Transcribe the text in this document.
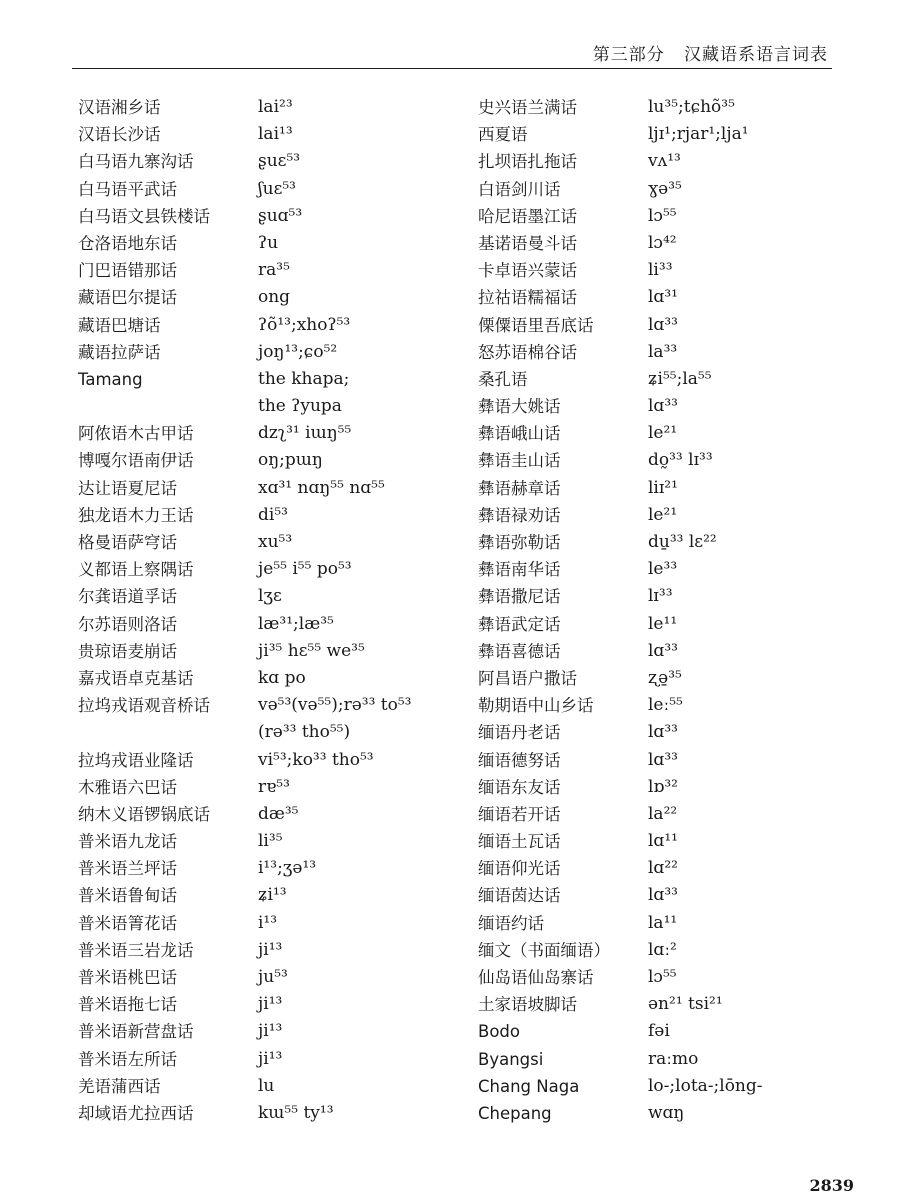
第三部分 汉藏语系语言词表
汉语湘乡话	lai²³
汉语长沙话	lai¹³
白马语九寨沟话	ʂuɛ⁵³
白马语平武话	ʃuɛ⁵³
白马语文县铁楼话	ʂuɑ⁵³
仓洛语地东话	ʔu
门巴语错那话	ra³⁵
藏语巴尔提话	ong
藏语巴塘话	ʔõ¹³;xhoʔ⁵³
藏语拉萨话	joŋ¹³;ɕo⁵²
Tamang	the khapa;
the ʔyupa
阿侬语木古甲话	dzʅ³¹ iɯŋ⁵⁵
博嘎尔语南伊话	oŋ;pɯŋ
达让语夏尼话	xɑ³¹ nɑŋ⁵⁵ nɑ⁵⁵
独龙语木力王话	di⁵³
格曼语萨穹话	xu⁵³
义都语上察隅话	je⁵⁵ i⁵⁵ po⁵³
尔龚语道孚话	lʒɛ
尔苏语则洛话	læ³¹;læ³⁵
贵琼语麦崩话	ji³⁵ hɛ⁵⁵ we³⁵
嘉戎语卓克基话	kɑ po
拉坞戎语观音桥话	və⁵³(və⁵⁵);rə³³ to⁵³
(rə³³ tho⁵⁵)
拉坞戎语业隆话	vi⁵³;ko³³ tho⁵³
木雅语六巴话	rɐ⁵³
纳木义语锣锅底话	dæ³⁵
普米语九龙话	li³⁵
普米语兰坪话	i¹³;ʒə¹³
普米语鲁甸话	ʑi¹³
普米语箐花话	i¹³
普米语三岩龙话	ji¹³
普米语桃巴话	ju⁵³
普米语拖七话	ji¹³
普米语新营盘话	ji¹³
普米语左所话	ji¹³
羌语蒲西话	lu
却域语尤拉西话	kɯ⁵⁵ ty¹³
史兴语兰满话	lu³⁵;tɕhõ³⁵
西夏语	ljɪ¹;rjar¹;lja¹
扎坝语扎拖话	vʌ¹³
白语剑川话	ɣə³⁵
哈尼语墨江话	lɔ⁵⁵
基诺语曼斗话	lɔ⁴²
卡卓语兴蒙话	li³³
拉祜语糯福话	lɑ³¹
傈僳语里吾底话	lɑ³³
怒苏语棉谷话	la³³
桑孔语	ʑi⁵⁵;la⁵⁵
彝语大姚话	lɑ³³
彝语峨山话	le²¹
彝语圭山话	do̰³³ lɪ³³
彝语赫章话	liɪ²¹
彝语禄劝话	le²¹
彝语弥勒话	du̱³³ lɛ²²
彝语南华话	le³³
彝语撒尼话	lɪ³³
彝语武定话	le¹¹
彝语喜德话	lɑ³³
阿昌语户撒话	ʐə̱³⁵
勒期语中山乡话	leː⁵⁵
缅语丹老话	lɑ³³
缅语德努话	lɑ³³
缅语东友话	lɒ³²
缅语若开话	la²²
缅语土瓦话	lɑ¹¹
缅语仰光话	lɑ²²
缅语茵达话	lɑ³³
缅语约话	la¹¹
缅文（书面缅语）	lɑː²
仙岛语仙岛寨话	lɔ⁵⁵
土家语坡脚话	ən²¹ tsi²¹
Bodo	fəi
Byangsi	raːmo
Chang Naga	lo-;lota-;lōng-
Chepang	wɑŋ
2839
